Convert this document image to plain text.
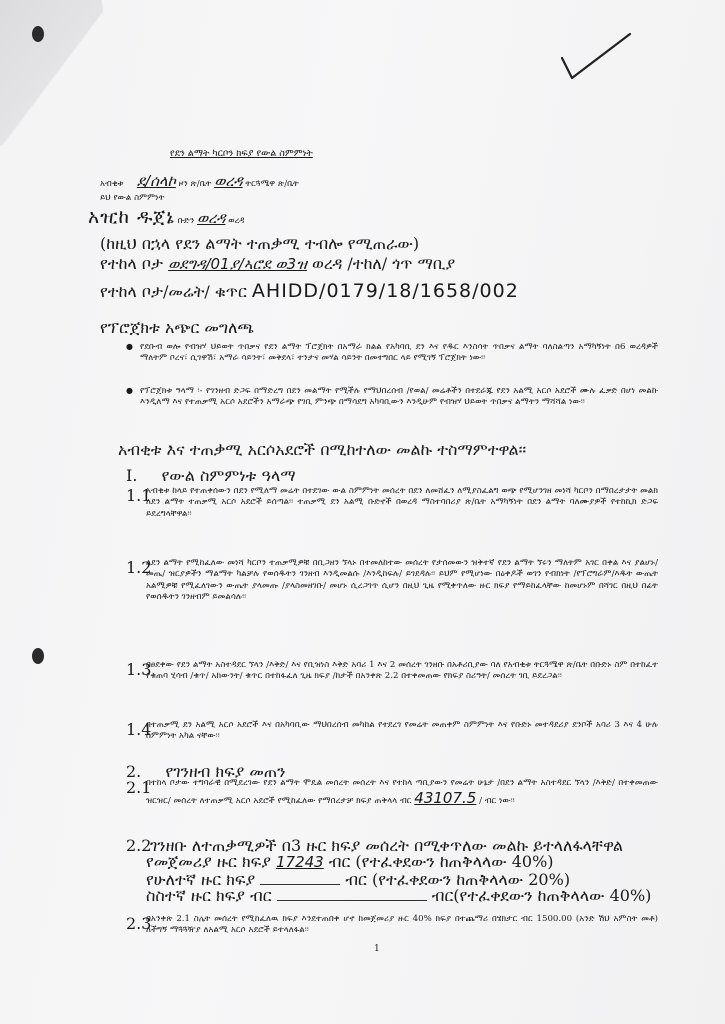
የደን ልማት ካርቦን ክፍያ የውል ስምምነት
አብቂቱ ደ/ሰላኮ ዞን ጽ/ቤት ወረዳ ትርጓሜዋ ጽ/ቤት
ይህ የውል ስምምነት
አዢከ ዱጀኔ ቡድን ወረዳ ወረዳ
(ከዚህ በኋላ የደን ልማት ተጠቃሚ ተብሎ የሚጠራው)
የተከላ ቦታ ወደግዳ/01ያ/ኣሮደ ወ3ዝ ወረዳ /ተከለ/ ጎጥ ማቢያ
የተከላ ቦታ/መሬት/ ቁጥር AHIDD/0179/18/1658/002
የፕሮጀክቱ አጭር መግለጫ
● የደቡብ ወሎ የብዝሃ ህይወት ጥበቃና የደን ልማት ፕሮጀክት በአማራ ክልል የአካባቢ ደን እና የዱር እንስሳት ጥበቃና ልማት ባለስልጣን አማካኝነት በ6 ወረዳዎች ማለትም ቦረና፣ ሲገዋሽ፣ አማራ ሳይንት፣ መቅደላ፣ ተንታና መሃል ሳይንት በመተግበር ላይ የሚገኝ ፕሮጀክት ነው፡፡
● የፕሮጀክቱ ዓላማ ፡- የገንዘብ ድጋፍ በማድረግ በደን መልማት የሚችሉ የማህበረሰብ /የወል/ መሬቶችን በተደራጁ የደን አልሚ አርሶ አደሮች ሙሉ ፈቃድ በሆነ መልኩ እንዲለማ እና የተጠቃሚ አርሶ አደሮችን አማራጭ የገቢ ምንጭ በማሳደግ አካባቢውን እንዲሁም የብዝሃ ህይወት ጥበቃና ልማትን ማሻሻል ነው፡፡
አብቂቱ እና ተጠቃሚ አርሶአደሮች በሚከተለው መልኩ ተስማምተዋል፡፡
I. የውል ስምምነቱ ዓላማ
1.1
አብቂቱ ከላይ የተጠቀሰውን በደን የሚለማ መሬት በተደገው ውል ስምምነት መሰረት በደን ለመሸፈን ለሚያስፈልግ ወጭ የሚሆንገዘ መነሻ ካርቦን በማበረታታት መልክ ለደን ልማት ተጠቃሚ አርሶ አደሮች ይሰጣል፡፡ ተጠቃሚ ደን አልሚ ቡድኖች በወረዳ ማስተባበሪያ ጽ/ቤት አማካኝነት በደን ልማት ባለሙያዎች የተከኪክ ድጋፍ ይደረግላቸዋል፡፡
1.2
ለደን ልማት የሚከፈለው መነሻ ካርቦን ተጠቃሚዎቹ በቢጋዘን ኘላኑ በተመለከተው መሰረት የታሰመውን ዝቅተኛ የደን ልማት ኘሩን ማለትም አገር በቀል እና ያልሆኑ/መጤ/ ዝርያዎችን ማልማት ካልቻሉ የወሰዱትን ገንዘብ እንዲመልሱ /እንዲከፍሉ/ ይገደዳሉ፡፡ ይህም የሚሆነው በዕቀዶች ወገን የብክነት /የፕሮግራም/እዱት ውጤት አልሚዎቹ የሚፈለገውን ውጤት ያላመጡ /ያላስመዘገቡ/ መሆኑ ሲረጋገጥ ሲሆን በዚህ ጊዜ የሚቀጥለው ዙር ክፍያ የማይከፈላቸው ከመሆኑም በሻገር በዚህ በፊት የወሰዱትን ገንዘብም ይመልሳሉ፡፡
1.3
በፀደቀው የደን ልማት አስተዳደር ኘላን /እቅድ/ እና የቢዝነስ እቅድ አባሪ 1 እና 2 መሰረት ገንዘቡ በአቶሪቢያው ባለ የአብቂቱ ትርጓሜዋ ጽ/ቤት በቡድኑ ስም በተከፈተ የቁጠባ ሂሳብ /ቁጥ/ አከውንት/ ቁጥር በተከፋፈለ ጊዜ ክፍያ /ከታች በአንቀጽ 2.2 በተቀመጠው የክፍያ ስሪዓት/ መሰረት ገቢ ይደረጋል፡፡
1.4
በተጠቃሚ ደን አልሚ አርሶ አደሮች እና በአካባቢው ማህበረሰብ መካከል የተደረገ የመሬት መጠቀም ስምምነት እና የቡድኑ መተዳደሪያ ደንቦች አባሪ 3 እና 4 ሁሉ ስምምነት አካል ናቸው፡፡
2. የገንዘብ ክፍያ መጠን
2.1
በተከላ ቦታው ተግባራዊ በሚደረገው የደን ልማት ሞዴል መሰረት መሰረት እና የተከላ ጣቢያውን የመሬት ሁኔታ /በደን ልማት አስተዳደር ኘላን /እቅድ/ በተቀመጠው ዝርዝር/ መሰረት ለተጠቃሚ አርሶ አደሮች የሚከፈለው የማበረታቻ ክፍያ ጠቅላላ ብር 43107.5 / ብር ነው፡፡
2.2
ገንዘቡ ለተጠቃሚዎች በ3 ዙር ክፍያ መሰረት በሚቀጥለው መልኩ ይተላለፋላቸዋል
የመጀመሪያ ዙር ክፍያ 17243 ብር (የተፈቀደውን ከጠቅላላው 40%)
የሁለተኛ ዙር ክፍያ	ብር (የተፈቀደውን ከጠቅላላው 20%)
ስስተኛ ዙር ክፍያ ብር	ብር(የተፈቀደውን ከጠቅላላው 40%)
2.3
በአንቀጽ 2.1 ስሌት መሰረት የሚከፈለዉ ክፍያ እንደተጠበቀ ሆኖ ከመጀመሪያ ዙር 40% ክፍያ በተጨማሪ በሄክታር ብር 1500.00 (አንድ ሽህ አምስት መቶ) ለችግኝ ማጓጓዥያ ለአልሚ አርሶ አደሮች ይተላለፋል፡፡
1
